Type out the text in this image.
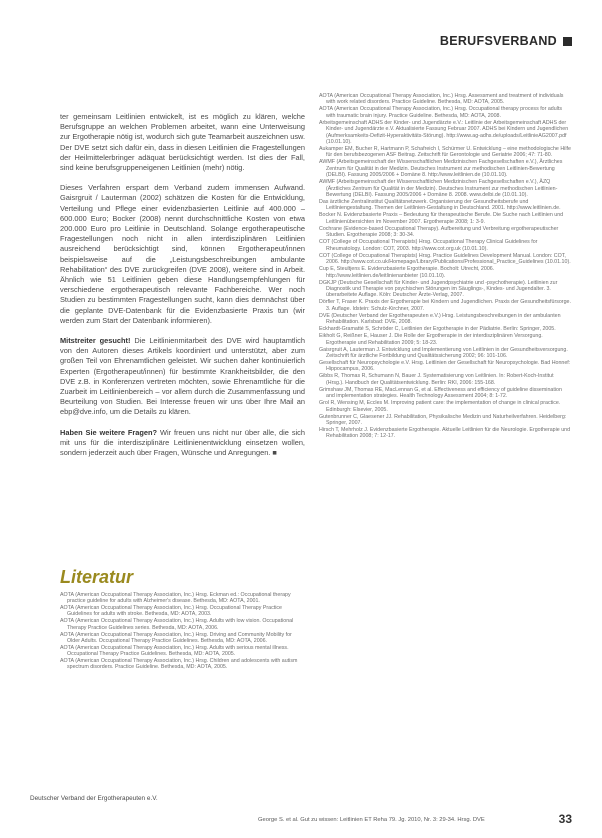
BERUFSVERBAND

ter gemeinsam Leitlinien entwickelt, ist es möglich zu klären, welche Berufsgruppe an welchen Problemen arbeitet, wann eine Unterweisung zur Ergotherapie nötig ist, wodurch sich gute Teamarbeit auszeichnen usw. Der DVE setzt sich dafür ein, dass in diesen Leitlinien die Fragestellungen der Heilmittelerbringer adäquat berücksichtigt werden. Ist dies der Fall, sind keine berufsgruppeneigenen Leitlinien (mehr) nötig.

Dieses Verfahren erspart dem Verband zudem immensen Aufwand. Gaisrgruit / Lauterman (2002) schätzen die Kosten für die Entwicklung, Verteilung und Pflege einer evidenzbasierten Leitlinie auf 400.000 – 600.000 Euro; Bocker (2008) nennt durchschnittliche Kosten von etwa 200.000 Euro pro Leitlinie in Deutschland. Solange ergotherapeutische Fragestellungen noch nicht in allen interdisziplinären Leitlinien ausreichend berücksichtigt sind, können Ergotherapeut/innen beispielsweise auf die „Leistungsbeschreibungen ambulante Rehabilitation“ des DVE zurückgreifen (DVE 2008), weitere sind in Arbeit. Ähnlich wie 51 Leitlinien geben diese Handlungsempfehlungen für verschiedene ergotherapeutisch relevante Fachbereiche. Wer noch Studien zu bestimmten Fragestellungen sucht, kann dies demnächst über die geplante DVE-Datenbank für die Evidenzbasierte Praxis tun (wir werden zum Start der Datenbank informieren).

Mitstreiter gesucht! Die Leitlinienmitarbeit des DVE wird hauptamtlich von den Autoren dieses Artikels koordiniert und unterstützt, aber zum großen Teil von Ehrenamtlichen geleistet. Wir suchen daher kontinuierlich Experten (Ergotherapeut/innen) für bestimmte Krankheitsbilder, die den DVE z.B. in Konferenzen vertreten möchten, sowie Ehrenamtliche für die Zuarbeit im Leitlinienbereich – vor allem durch die Zusammenfassung und Beurteilung von Studien. Bei Interesse freuen wir uns über Ihre Mail an ebp@dve.info, um die Details zu klären.

Haben Sie weitere Fragen? Wir freuen uns nicht nur über alle, die sich mit uns für die interdisziplinäre Leitlinienentwicklung einsetzen wollen, sondern jederzeit auch über Fragen, Wünsche und Anregungen. ■

Literatur
AOTA (American Occupational Therapy Association, Inc.) Hrsg. Eckman ed.: Occupational therapy practice guideline for adults with Alzheimer's disease. Bethesda, MD: AOTA, 2001.
AOTA (American Occupational Therapy Association, Inc.) Hrsg. Occupational Therapy Practice Guidelines for adults with stroke. Bethesda, MD: AOTA, 2003.
AOTA (American Occupational Therapy Association, Inc.) Hrsg. Adults with low vision. Occupational Therapy Practice Guidelines series. Bethesda, MD: AOTA, 2006.
AOTA (American Occupational Therapy Association, Inc.) Hrsg. Driving and Community Mobility for Older Adults. Occupational Therapy Practice Guidelines. Bethesda, MD: AOTA, 2006.
AOTA (American Occupational Therapy Association, Inc.) Hrsg. Adults with serious mental illness. Occupational Therapy Practice Guidelines. Bethesda, MD: AOTA, 2005.
AOTA (American Occupational Therapy Association, Inc.) Hrsg. Children and adolescents with autism spectrum disorders. Practice Guideline. Bethesda, MD: AOTA, 2005.
AOTA (American Occupational Therapy Association, Inc.) Hrsg. Assessment and treatment of individuals with work related disorders. Practice Guideline. Bethesda, MD: AOTA, 2005.
AOTA (American Occupational Therapy Association, Inc.) Hrsg. Occupational therapy process for adults with traumatic brain injury. Practice Guideline. Bethesda, MD: AOTA, 2008.
Arbeitsgemeinschaft ADHS der Kinder- und Jugendärzte e.V.: Leitlinie der Arbeitsgemeinschaft ADHS der Kinder- und Jugendärzte e.V. Aktualisierte Fassung Februar 2007. ADHS bei Kindern und Jugendlichen (Aufmerksamkeits-Defizit-Hyperaktivitäts-Störung). http://www.ag-adhs.de/uploads/LeitlinieAG2007.pdf (10.01.10).
Aukamper EM, Bucher R, Hartmann P, Schafreich I, Schürmer U. Entwicklung – eine methodologische Hilfe für den berufsbezogenen ASF Beitrag. Zeitschrift für Gerontologie und Geriatrie 2006; 47: 71-80.
AWMF (Arbeitsgemeinschaft der Wissenschaftlichen Medizinischen Fachgesellschaften e.V.), Ärztliches Zentrum für Qualität in der Medizin. Deutsches Instrument zur methodischen Leitlinien-Bewertung (DELBI). Fassung 2005/2006 + Domäne 8. http://www.leitlinien.de (10.01.10).
AWMF (Arbeitsgemeinschaft der Wissenschaftlichen Medizinischen Fachgesellschaften e.V.), ÄZQ (Ärztliches Zentrum für Qualität in der Medizin). Deutsches Instrument zur methodischen Leitlinien-Bewertung (DELBI). Fassung 2005/2006 + Domäne 8. 2008. www.delbi.de (10.01.10).
Das ärztliche Zentralinstitut Qualitätsnetzwerk. Organisierung der Gesundheitsberufe und Leitliniengestaltung. Themen der Leitlinien-Gestaltung in Deutschland. 2001. http://www.leitlinien.de.
Bocker N. Evidenzbasierte Praxis – Bedeutung für therapeutische Berufe. Die Suche nach Leitlinien und Leitlinienübersichten im November 2007. Ergotherapie 2008; 1: 3-9.
Cochrane (Evidence-based Occupational Therapy). Aufbereitung und Verbreitung ergotherapeutischer Studien. Ergotherapie 2008; 3: 30-34.
COT (College of Occupational Therapists) Hrsg. Occupational Therapy Clinical Guidelines for Rheumatology. London: COT, 2003. http://www.cot.org.uk (10.01.10).
COT (College of Occupational Therapists) Hrsg. Practice Guidelines Development Manual. London: COT, 2006. http://www.cot.co.uk/Homepage/Library/Publications/Professional_Practice_Guidelines (10.01.10).
Cup E, Steultjens E. Evidenzbasierte Ergotherapie. Bocholt: Utrecht, 2006. http://www.leitlinien.de/leitlinienanbieter (10.01.10).
DGKJP (Deutsche Gesellschaft für Kinder- und Jugendpsychiatrie und -psychotherapie). Leitlinien zur Diagnostik und Therapie von psychischen Störungen im Säuglings-, Kindes- und Jugendalter. 3. überarbeitete Auflage. Köln: Deutscher Ärzte-Verlag, 2007.
Dörfler T, Fraser K. Praxis der Ergotherapie bei Kindern und Jugendlichen. Praxis der Gesundheitsfürsorge. 3. Auflage. Idstein: Schulz-Kirchner, 2007.
DVE (Deutscher Verband der Ergotherapeuten e.V.) Hrsg. Leistungsbeschreibungen in der ambulanten Rehabilitation. Karlsbad: DVE, 2008.
Eckhardt-Gramatté S, Schröder C, Leitlinien der Ergotherapie in der Pädiatrie. Berlin: Springer, 2005.
Eikholt G, Reißner E, Hauser J. Die Rolle der Ergotherapie in der interdisziplinären Versorgung. Ergotherapie und Rehabilitation 2009; 5: 18-23.
Gaisrgruit A, Lauterman J. Entwicklung und Implementierung von Leitlinien in der Gesundheitsversorgung. Zeitschrift für ärztliche Fortbildung und Qualitätssicherung 2002; 96: 101-106.
Gesellschaft für Neuropsychologie e.V. Hrsg. Leitlinien der Gesellschaft für Neuropsychologie. Bad Honnef: Hippocampus, 2006.
Gibbs R, Thomas R, Schumann N, Bauer J. Systematisierung von Leitlinien. In: Robert-Koch-Institut (Hrsg.). Handbuch der Qualitätsentwicklung. Berlin: RKI, 2006: 155-168.
Grimshaw JM, Thomas RE, MacLennan G, et al. Effectiveness and efficiency of guideline dissemination and implementation strategies. Health Technology Assessment 2004; 8: 1-72.
Grol R, Wensing M, Eccles M. Improving patient care: the implementation of change in clinical practice. Edinburgh: Elsevier, 2005.
Gutenbrunner C, Glaesener JJ. Rehabilitation, Physikalische Medizin und Naturheilverfahren. Heidelberg: Springer, 2007.
Hirsch T, Mehrholz J. Evidenzbasierte Ergotherapie. Aktuelle Leitlinien für die Neurologie. Ergotherapie und Rehabilitation 2008; 7: 12-17.
Deutscher Verband der Ergotherapeuten e.V.
George S. et al. Gut zu wissen: Leitlinien ET Reha 79. Jg. 2010, Nr. 3: 29-34. Hrsg. DVE	33
